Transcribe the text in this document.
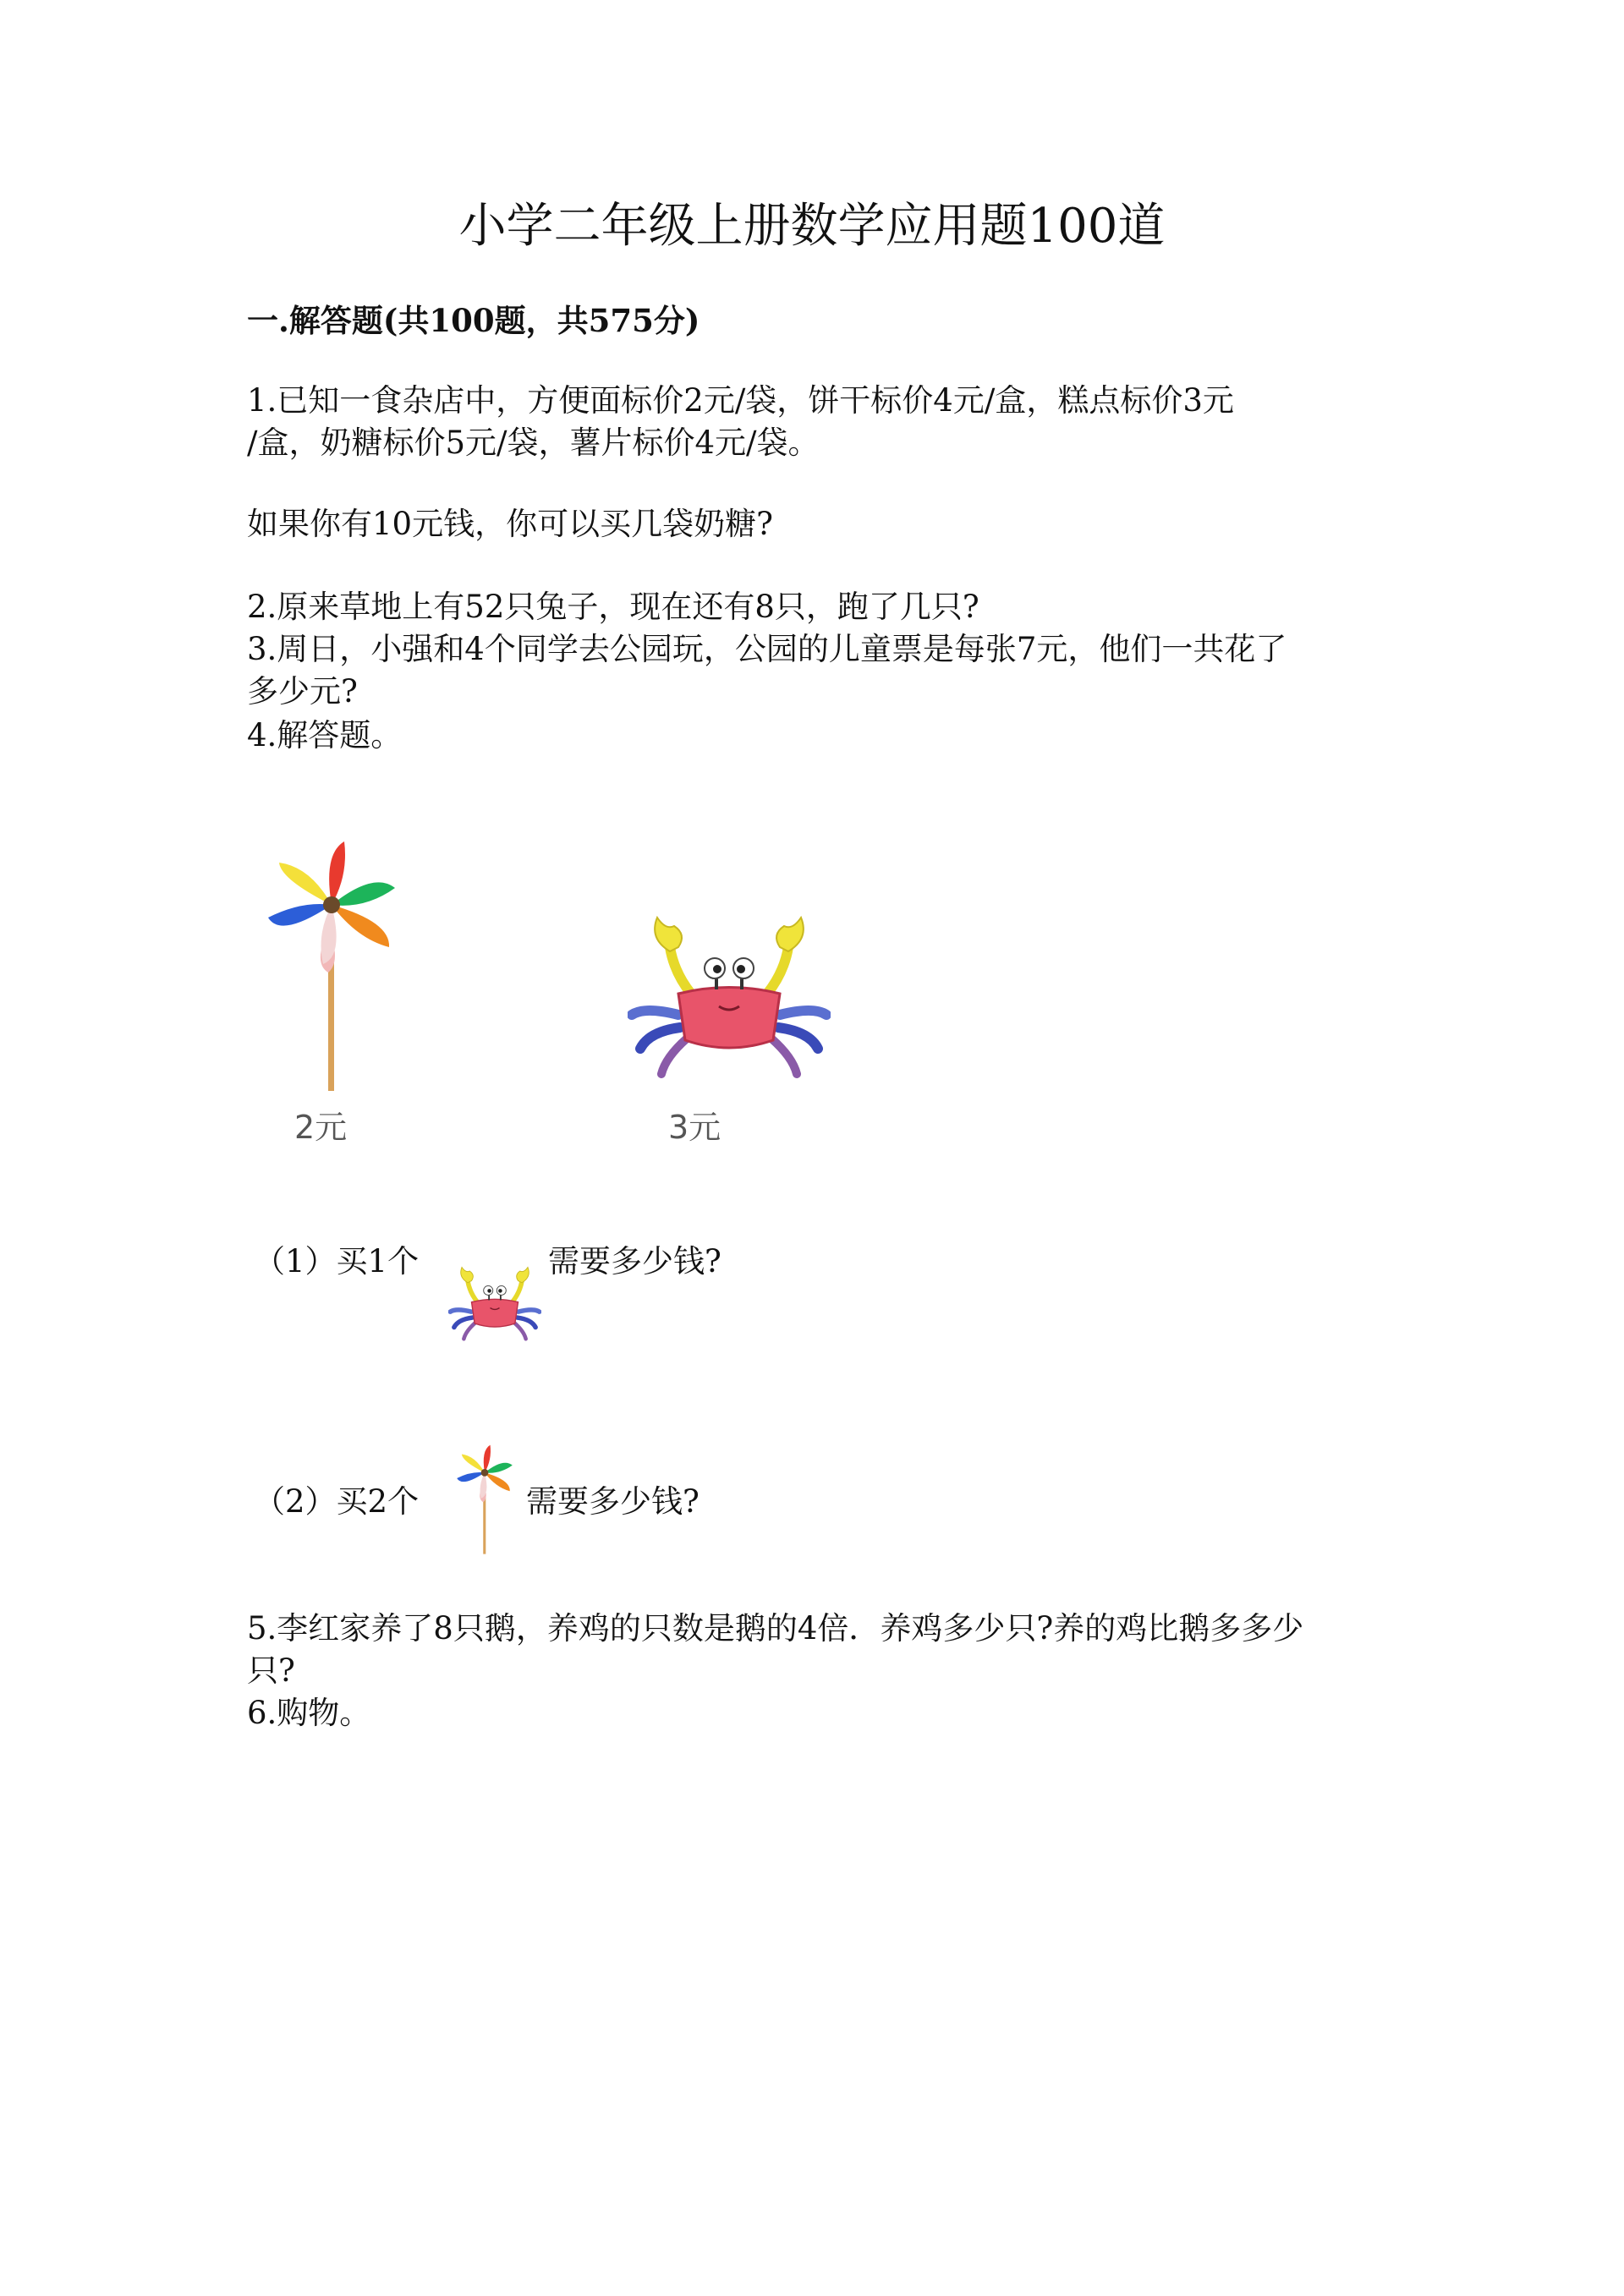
小学二年级上册数学应用题100道
一.解答题(共100题，共575分)
1.已知一食杂店中，方便面标价2元/袋，饼干标价4元/盒，糕点标价3元
/盒，奶糖标价5元/袋，薯片标价4元/袋。
如果你有10元钱，你可以买几袋奶糖?
2.原来草地上有52只兔子，现在还有8只，跑了几只?
3.周日，小强和4个同学去公园玩，公园的儿童票是每张7元，他们一共花了
多少元?
4.解答题。
2元	3元
（1）买1个	需要多少钱?
（2）买2个	需要多少钱?
5.李红家养了8只鹅，养鸡的只数是鹅的4倍．养鸡多少只?养的鸡比鹅多多少
只?
6.购物。
